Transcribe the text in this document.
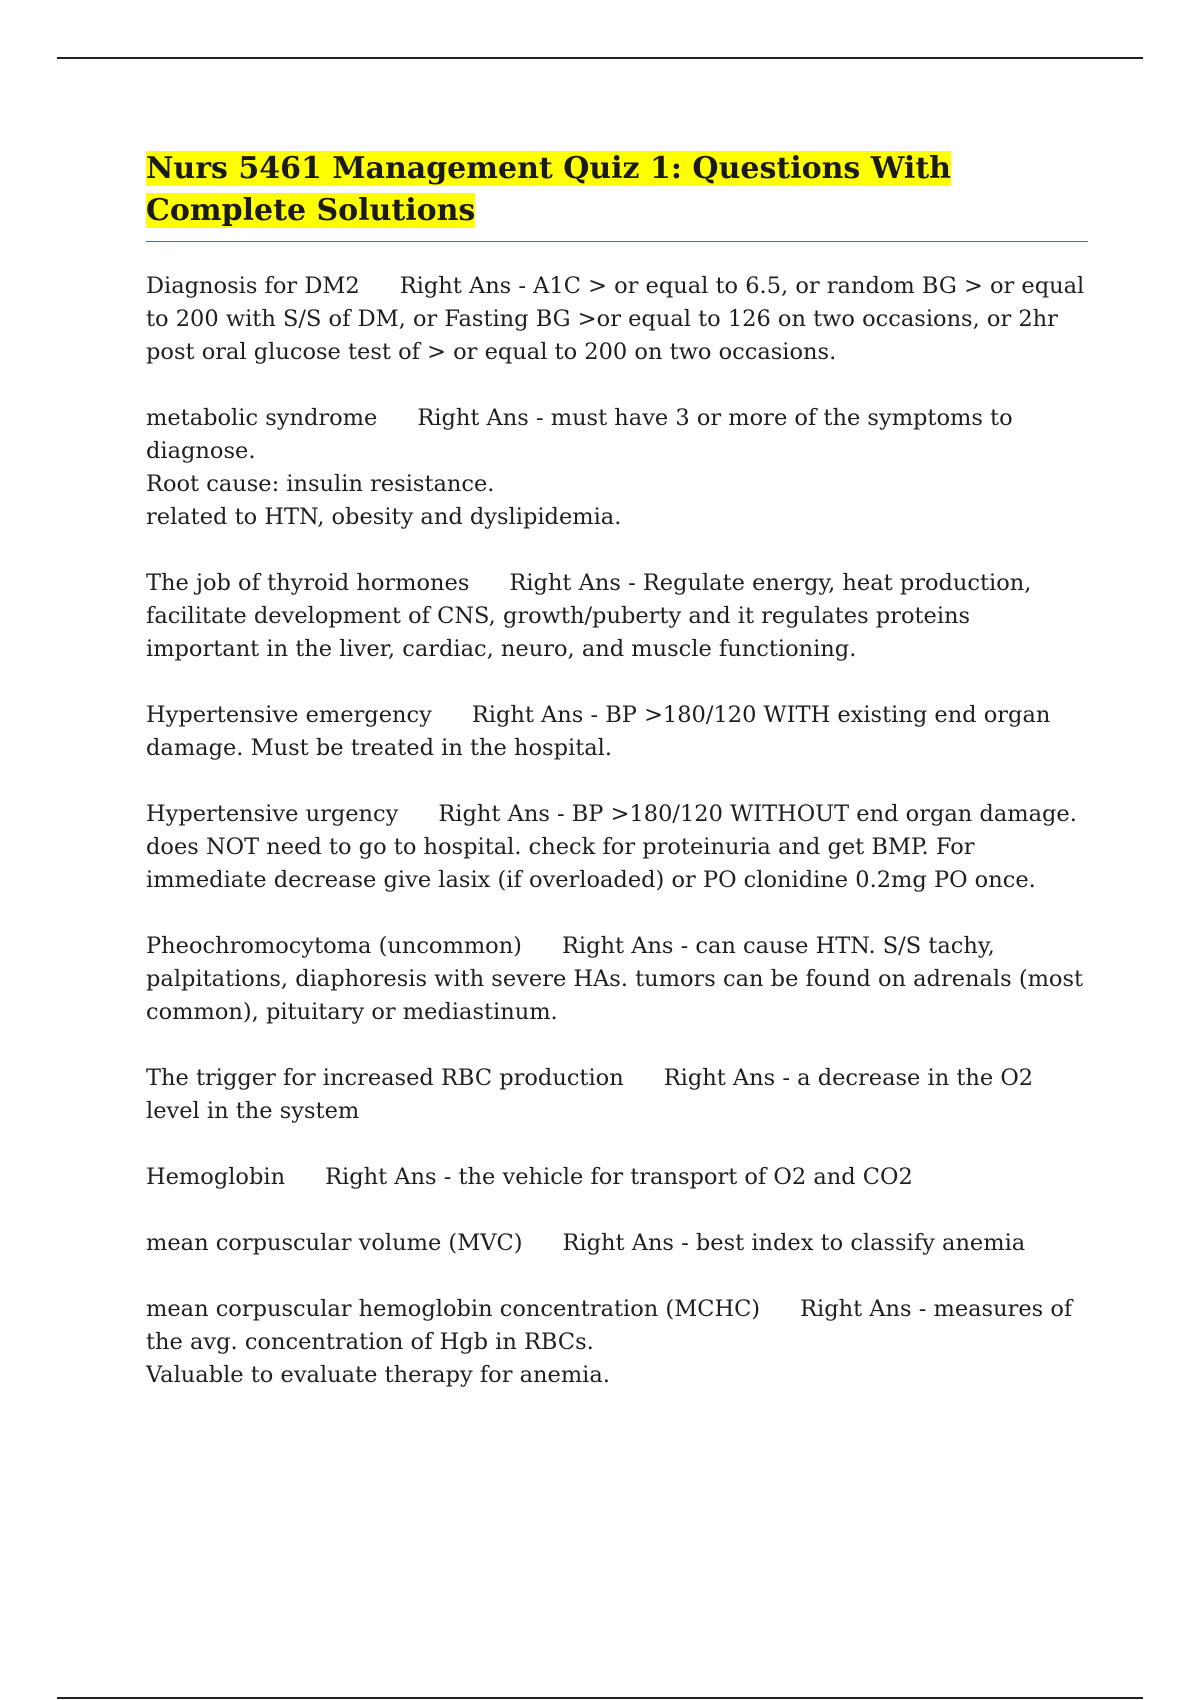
Nurs 5461 Management Quiz 1: Questions With Complete Solutions
Diagnosis for DM2 Right Ans - A1C > or equal to 6.5, or random BG > or equal to 200 with S/S of DM, or Fasting BG >or equal to 126 on two occasions, or 2hr post oral glucose test of > or equal to 200 on two occasions.
metabolic syndrome Right Ans - must have 3 or more of the symptoms to diagnose.
Root cause: insulin resistance.
related to HTN, obesity and dyslipidemia.
The job of thyroid hormones Right Ans - Regulate energy, heat production, facilitate development of CNS, growth/puberty and it regulates proteins important in the liver, cardiac, neuro, and muscle functioning.
Hypertensive emergency Right Ans - BP >180/120 WITH existing end organ damage. Must be treated in the hospital.
Hypertensive urgency Right Ans - BP >180/120 WITHOUT end organ damage. does NOT need to go to hospital. check for proteinuria and get BMP. For immediate decrease give lasix (if overloaded) or PO clonidine 0.2mg PO once.
Pheochromocytoma (uncommon) Right Ans - can cause HTN. S/S tachy, palpitations, diaphoresis with severe HAs. tumors can be found on adrenals (most common), pituitary or mediastinum.
The trigger for increased RBC production Right Ans - a decrease in the O2 level in the system
Hemoglobin Right Ans - the vehicle for transport of O2 and CO2
mean corpuscular volume (MVC) Right Ans - best index to classify anemia
mean corpuscular hemoglobin concentration (MCHC) Right Ans - measures of the avg. concentration of Hgb in RBCs.
Valuable to evaluate therapy for anemia.
